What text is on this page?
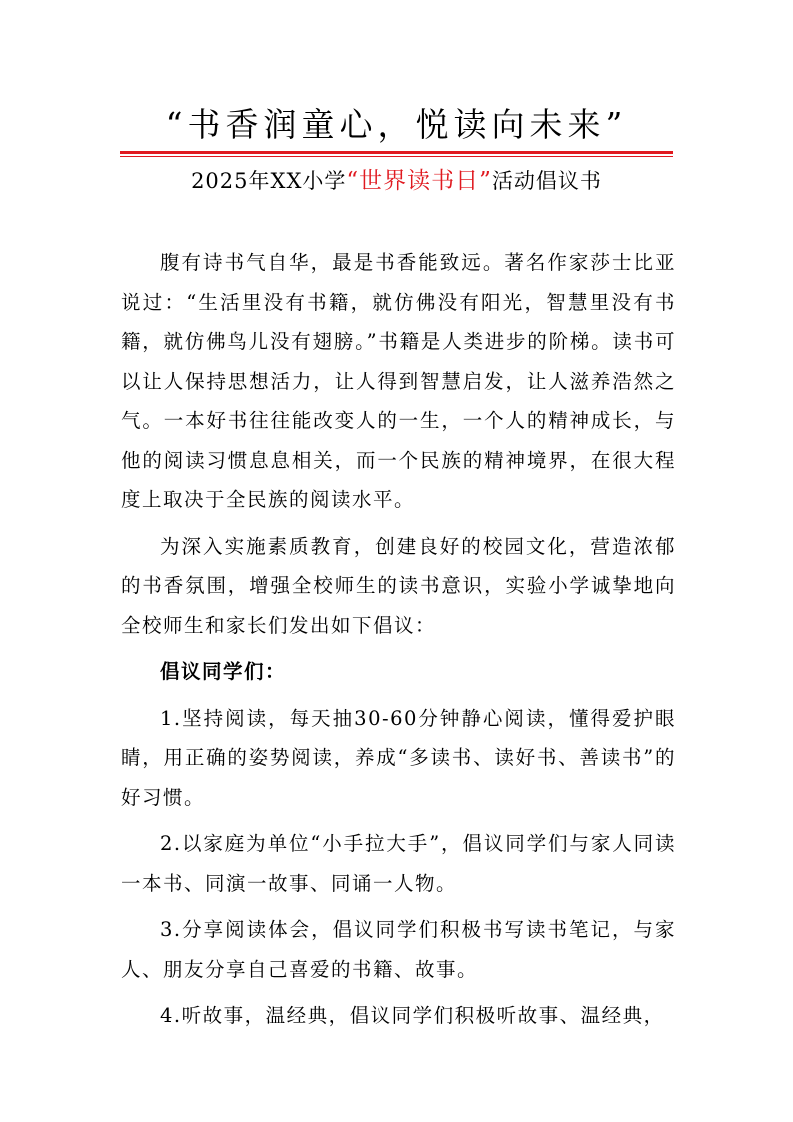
“书香润童心，悦读向未来”
2025年XX小学“世界读书日”活动倡议书

腹有诗书气自华，最是书香能致远。著名作家莎士比亚说过：“生活里没有书籍，就仿佛没有阳光，智慧里没有书籍，就仿佛鸟儿没有翅膀。”书籍是人类进步的阶梯。读书可以让人保持思想活力，让人得到智慧启发，让人滋养浩然之气。一本好书往往能改变人的一生，一个人的精神成长，与他的阅读习惯息息相关，而一个民族的精神境界，在很大程度上取决于全民族的阅读水平。

为深入实施素质教育，创建良好的校园文化，营造浓郁的书香氛围，增强全校师生的读书意识，实验小学诚挚地向全校师生和家长们发出如下倡议：

倡议同学们：

1.坚持阅读，每天抽30-60分钟静心阅读，懂得爱护眼睛，用正确的姿势阅读，养成“多读书、读好书、善读书”的好习惯。

2.以家庭为单位“小手拉大手”，倡议同学们与家人同读一本书、同演一故事、同诵一人物。

3.分享阅读体会，倡议同学们积极书写读书笔记，与家人、朋友分享自己喜爱的书籍、故事。

4.听故事，温经典，倡议同学们积极听故事、温经典，
